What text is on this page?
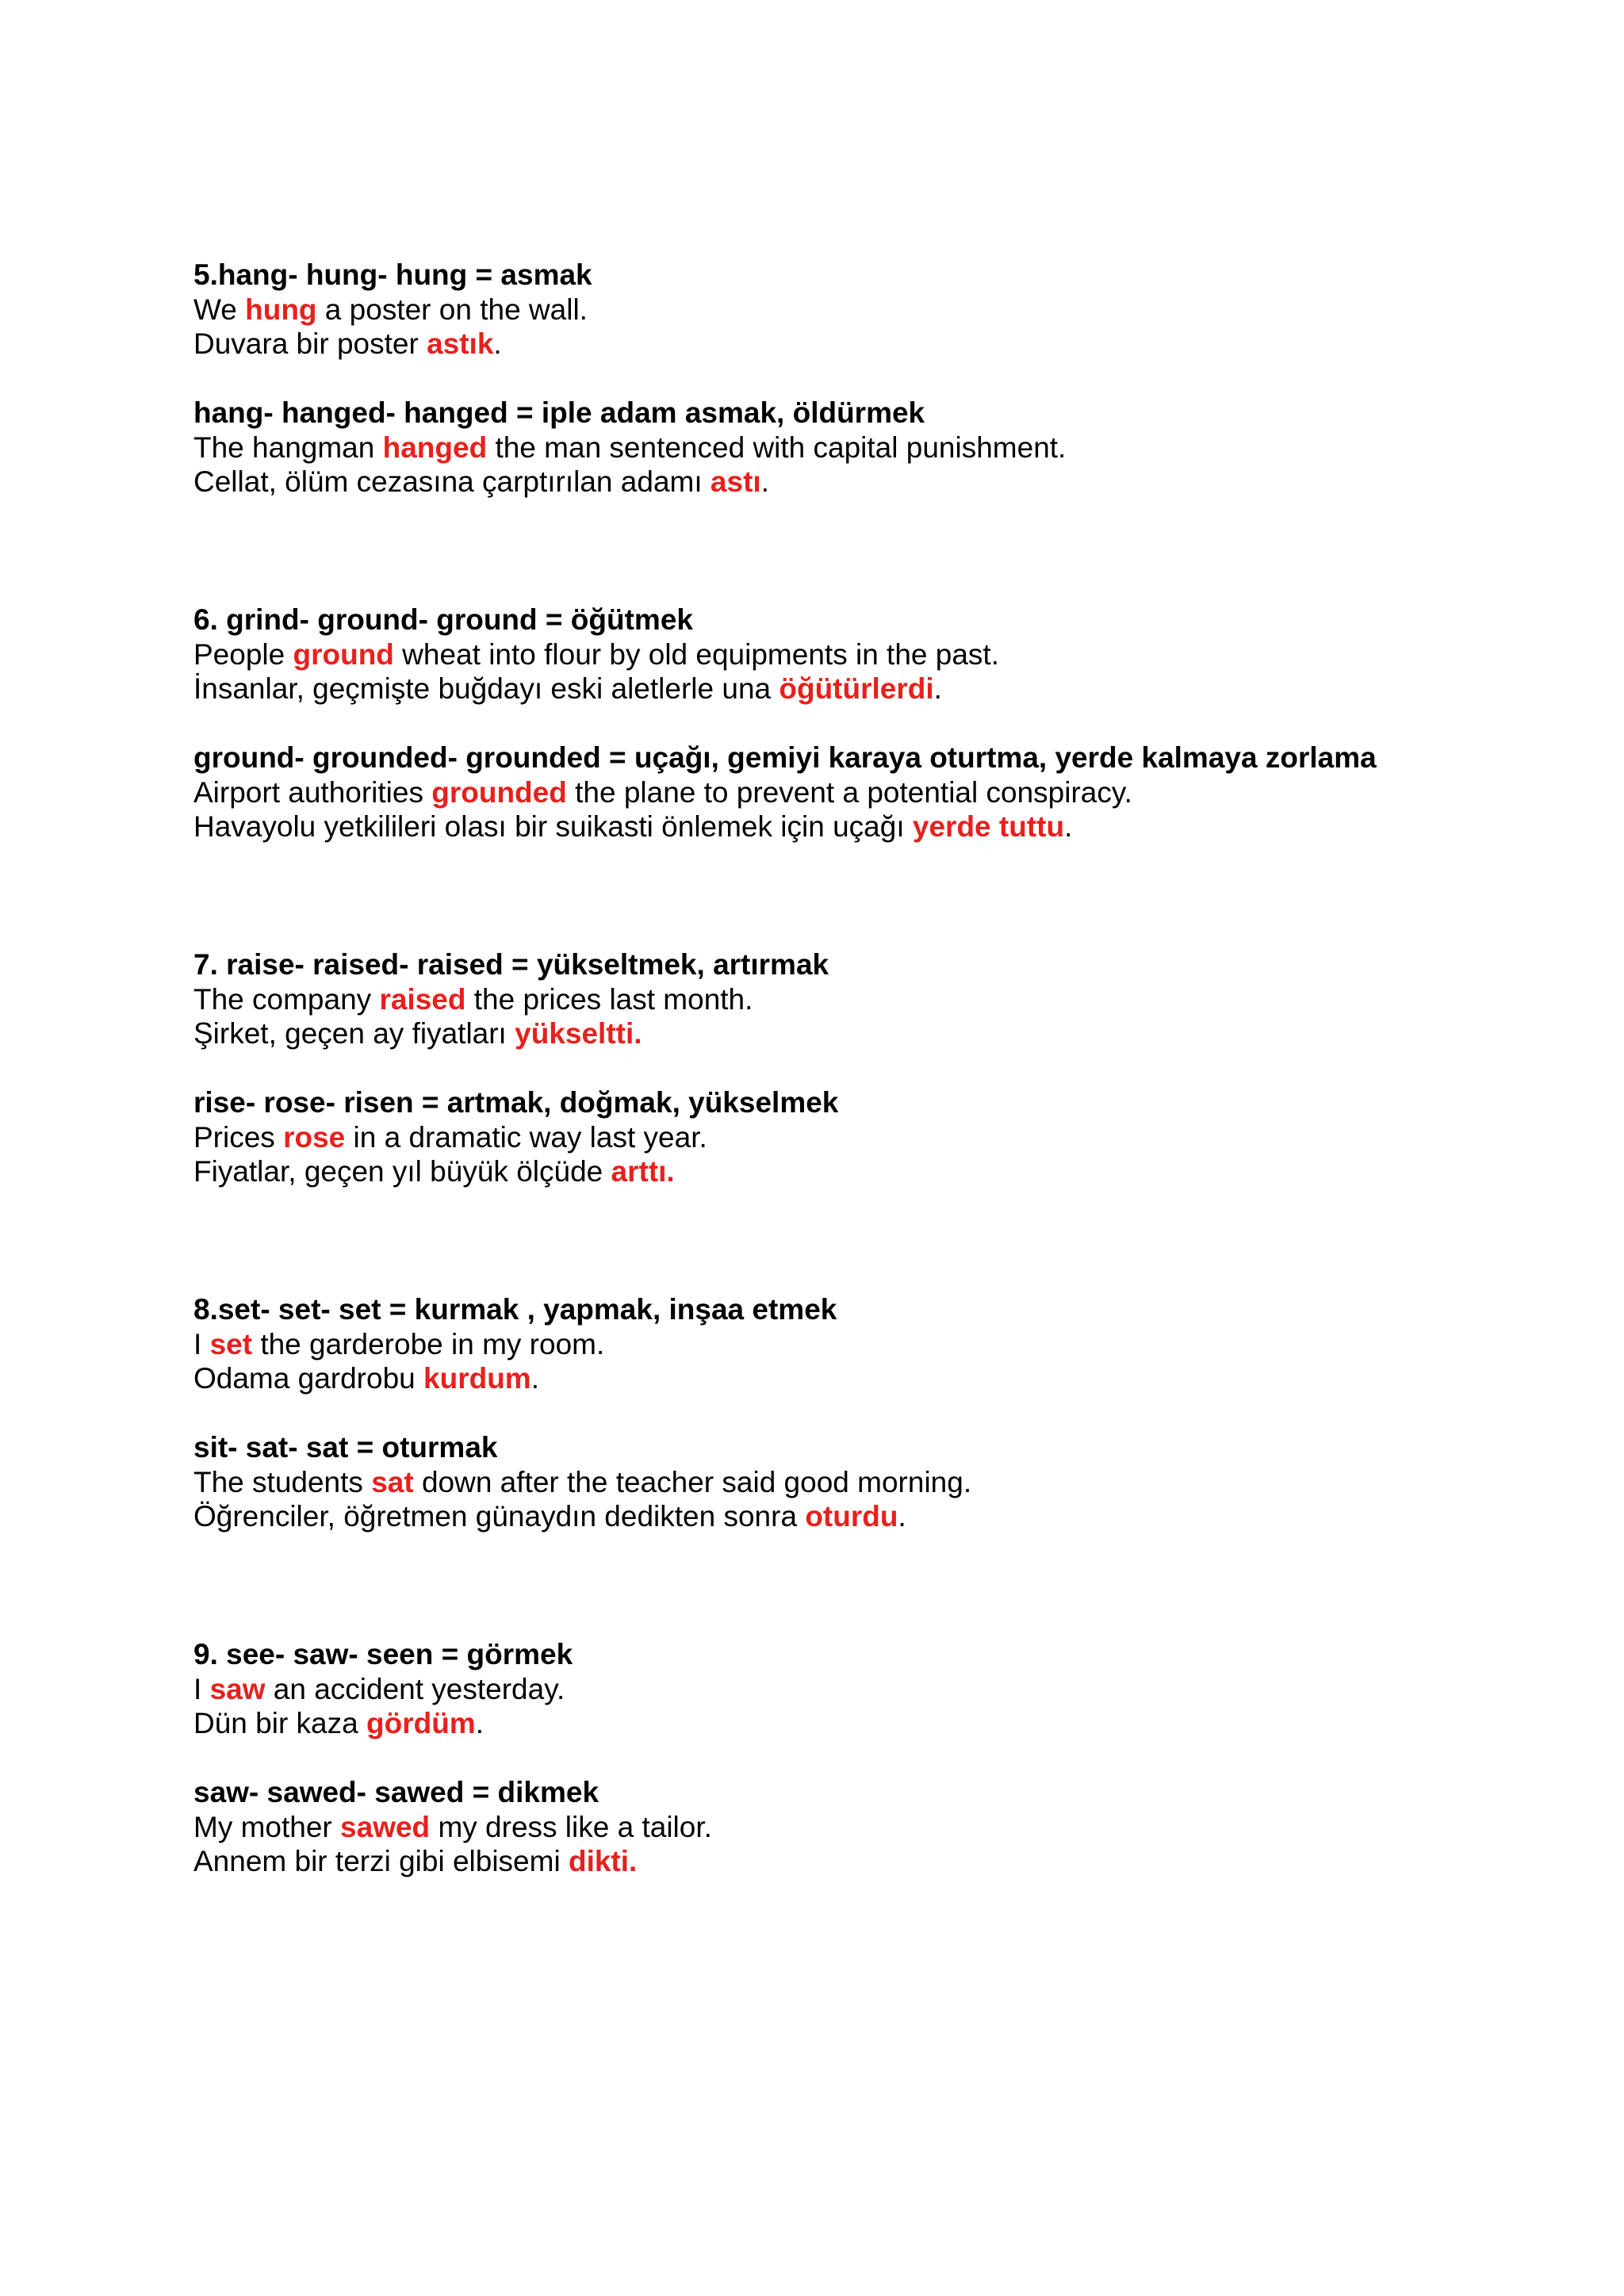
5.hang- hung- hung = asmak
We hung a poster on the wall.
Duvara bir poster astık.
hang- hanged- hanged = iple adam asmak, öldürmek
The hangman hanged the man sentenced with capital punishment.
Cellat, ölüm cezasına çarptırılan adamı astı.
6. grind- ground- ground = öğütmek
People ground wheat into flour by old equipments in the past.
İnsanlar, geçmişte buğdayı eski aletlerle una öğütürlerdi.
ground- grounded- grounded = uçağı, gemiyi karaya oturtma, yerde kalmaya zorlama
Airport authorities grounded the plane to prevent a potential conspiracy.
Havayolu yetkilileri olası bir suikasti önlemek için uçağı yerde tuttu.
7. raise- raised- raised = yükseltmek, artırmak
The company raised the prices last month.
Şirket, geçen ay fiyatları yükseltti.
rise- rose- risen = artmak, doğmak, yükselmek
Prices rose in a dramatic way last year.
Fiyatlar, geçen yıl büyük ölçüde arttı.
8.set- set- set = kurmak , yapmak, inşaa etmek
I set the garderobe in my room.
Odama gardrobu kurdum.
sit- sat- sat = oturmak
The students sat down after the teacher said good morning.
Öğrenciler, öğretmen günaydın dedikten sonra oturdu.
9. see- saw- seen = görmek
I saw an accident yesterday.
Dün bir kaza gördüm.
saw- sawed- sawed = dikmek
My mother sawed my dress like a tailor.
Annem bir terzi gibi elbisemi dikti.
